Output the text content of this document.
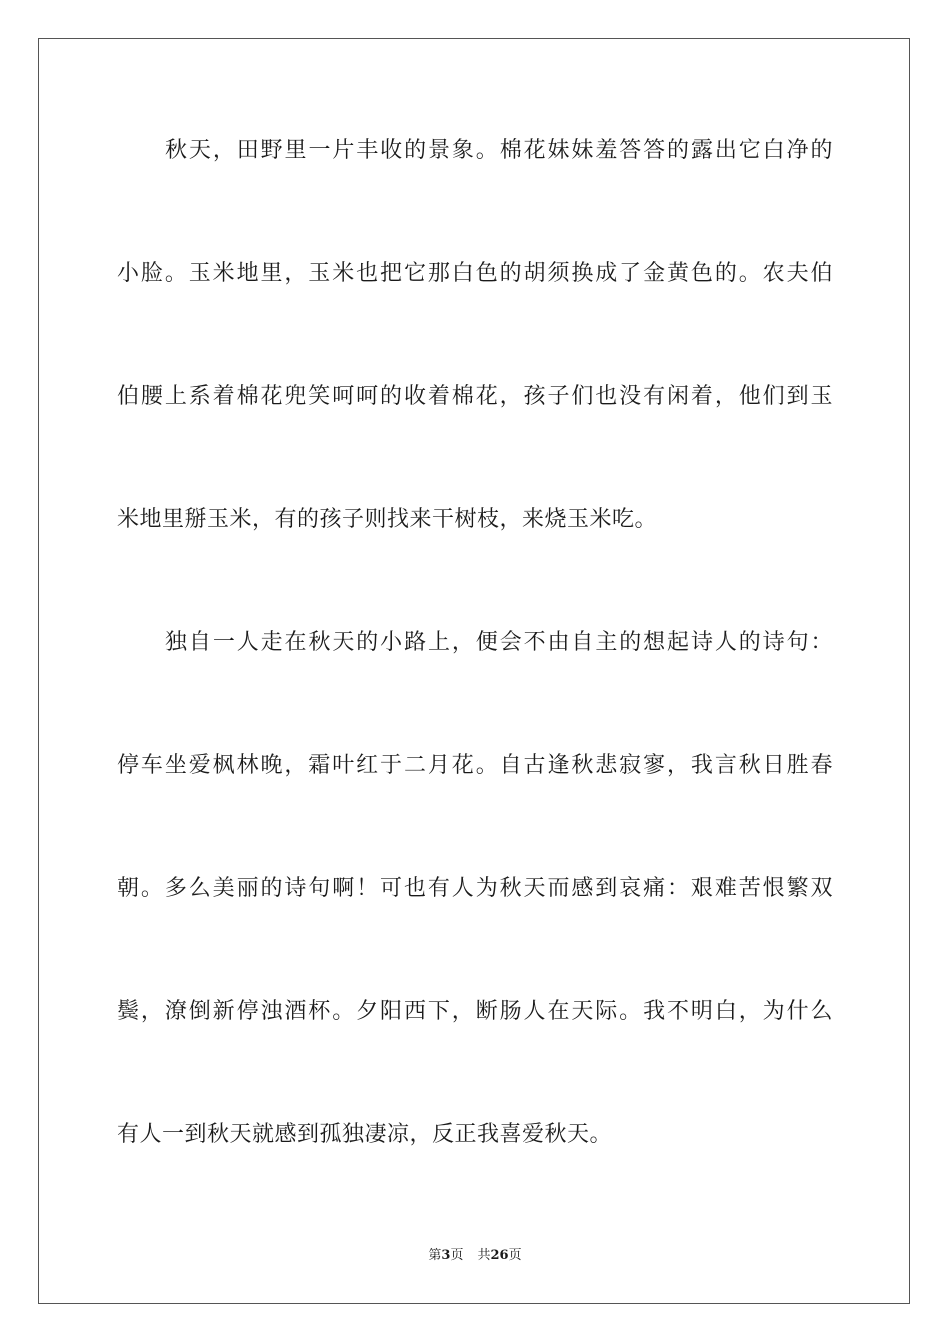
秋天，田野里一片丰收的景象。棉花妹妹羞答答的露出它白净的
小脸。玉米地里，玉米也把它那白色的胡须换成了金黄色的。农夫伯
伯腰上系着棉花兜笑呵呵的收着棉花，孩子们也没有闲着，他们到玉
米地里掰玉米，有的孩子则找来干树枝，来烧玉米吃。
独自一人走在秋天的小路上，便会不由自主的想起诗人的诗句：
停车坐爱枫林晚，霜叶红于二月花。自古逢秋悲寂寥，我言秋日胜春
朝。多么美丽的诗句啊！可也有人为秋天而感到哀痛：艰难苦恨繁双
鬓，潦倒新停浊酒杯。夕阳西下，断肠人在天际。我不明白，为什么
有人一到秋天就感到孤独凄凉，反正我喜爱秋天。
第3页 共26页
